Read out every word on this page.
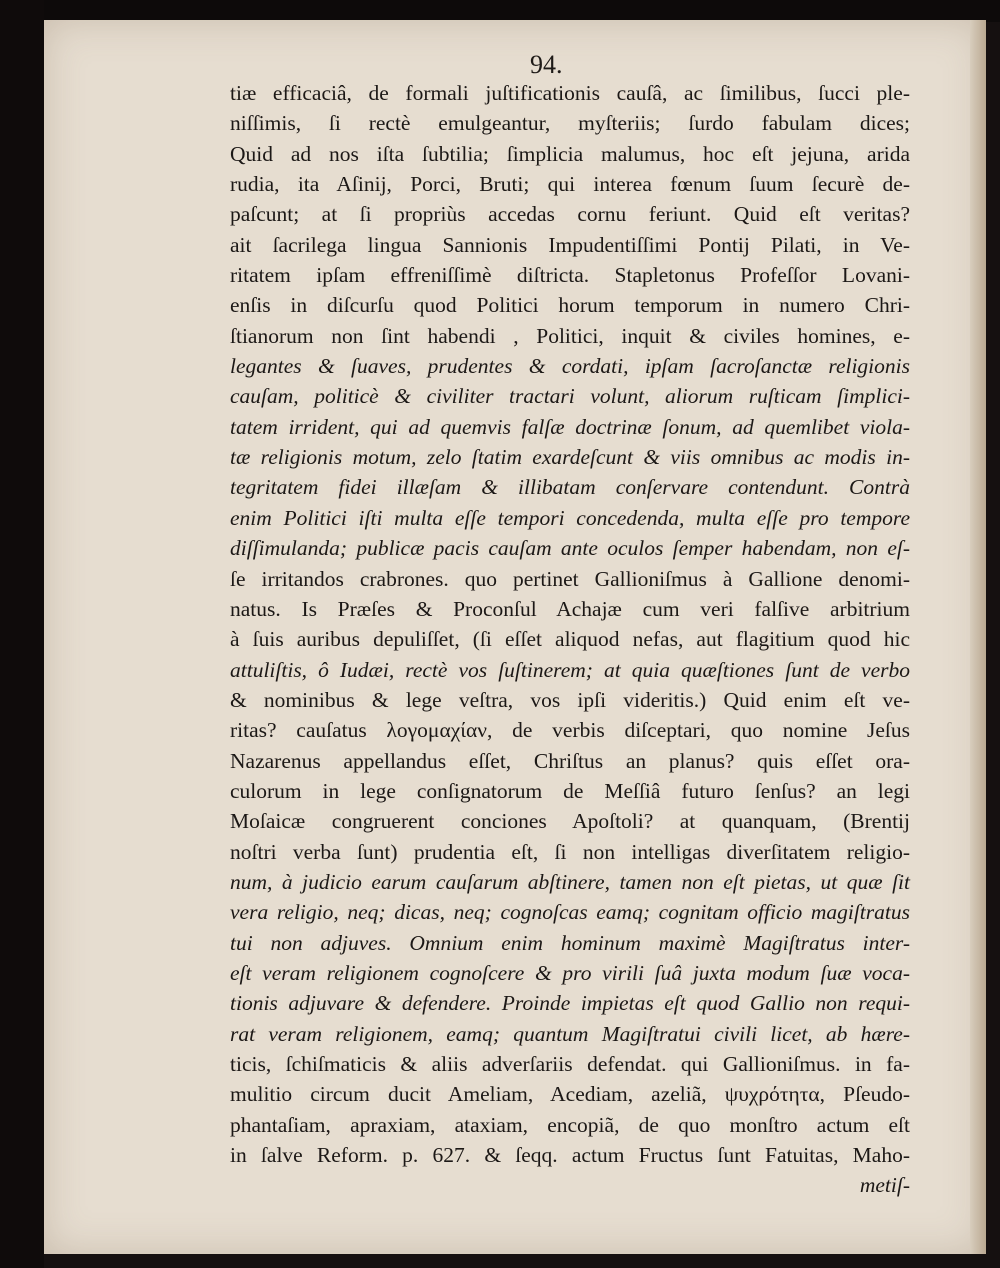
94.
tiæ efficaciâ, de formali juſtificationis cauſâ, ac ſimilibus, ſucci ple-
niſſimis, ſi rectè emulgeantur, myſteriis; ſurdo fabulam dices;
Quid ad nos iſta ſubtilia; ſimplicia malumus, hoc eſt jejuna, arida
rudia, ita Aſinij, Porci, Bruti; qui interea fœnum ſuum ſecurè de-
paſcunt; at ſi propriùs accedas cornu feriunt. Quid eſt veritas?
ait ſacrilega lingua Sannionis Impudentiſſimi Pontij Pilati, in Ve-
ritatem ipſam effreniſſimè diſtricta. Stapletonus Profeſſor Lovani-
enſis in diſcurſu quod Politici horum temporum in numero Chri-
ſtianorum non ſint habendi , Politici, inquit & civiles homines, e-
legantes & ſuaves, prudentes & cordati, ipſam ſacroſanctæ religionis
cauſam, politicè & civiliter tractari volunt, aliorum ruſticam ſimplici-
tatem irrident, qui ad quemvis falſæ doctrinæ ſonum, ad quemlibet viola-
tæ religionis motum, zelo ſtatim exardeſcunt & viis omnibus ac modis in-
tegritatem fidei illæſam & illibatam conſervare contendunt. Contrà
enim Politici iſti multa eſſe tempori concedenda, multa eſſe pro tempore
diſſimulanda; publicæ pacis cauſam ante oculos ſemper habendam, non eſ-
ſe irritandos crabrones. quo pertinet Gallioniſmus à Gallione denomi-
natus. Is Præſes & Proconſul Achajæ cum veri falſive arbitrium
à ſuis auribus depuliſſet, (ſi eſſet aliquod nefas, aut flagitium quod hic
attuliſtis, ô Iudæi, rectè vos ſuſtinerem; at quia quæſtiones ſunt de verbo
& nominibus & lege veſtra, vos ipſi videritis.) Quid enim eſt ve-
ritas? cauſatus λογομαχίαν, de verbis diſceptari, quo nomine Jeſus
Nazarenus appellandus eſſet, Chriſtus an planus? quis eſſet ora-
culorum in lege conſignatorum de Meſſiâ futuro ſenſus? an legi
Moſaicæ congruerent conciones Apoſtoli? at quanquam, (Brentij
noſtri verba ſunt) prudentia eſt, ſi non intelligas diverſitatem religio-
num, à judicio earum cauſarum abſtinere, tamen non eſt pietas, ut quæ ſit
vera religio, neq; dicas, neq; cognoſcas eamq; cognitam officio magiſtratus
tui non adjuves. Omnium enim hominum maximè Magiſtratus inter-
eſt veram religionem cognoſcere & pro virili ſuâ juxta modum ſuæ voca-
tionis adjuvare & defendere. Proinde impietas eſt quod Gallio non requi-
rat veram religionem, eamq; quantum Magiſtratui civili licet, ab hære-
ticis, ſchiſmaticis & aliis adverſariis defendat. qui Gallioniſmus. in fa-
mulitio circum ducit Ameliam, Acediam, azeliã, ψυχρότητα, Pſeudo-
phantaſiam, apraxiam, ataxiam, encopiã, de quo monſtro actum eſt
in ſalve Reform. p. 627. & ſeqq. actum Fructus ſunt Fatuitas, Maho-
metiſ-
